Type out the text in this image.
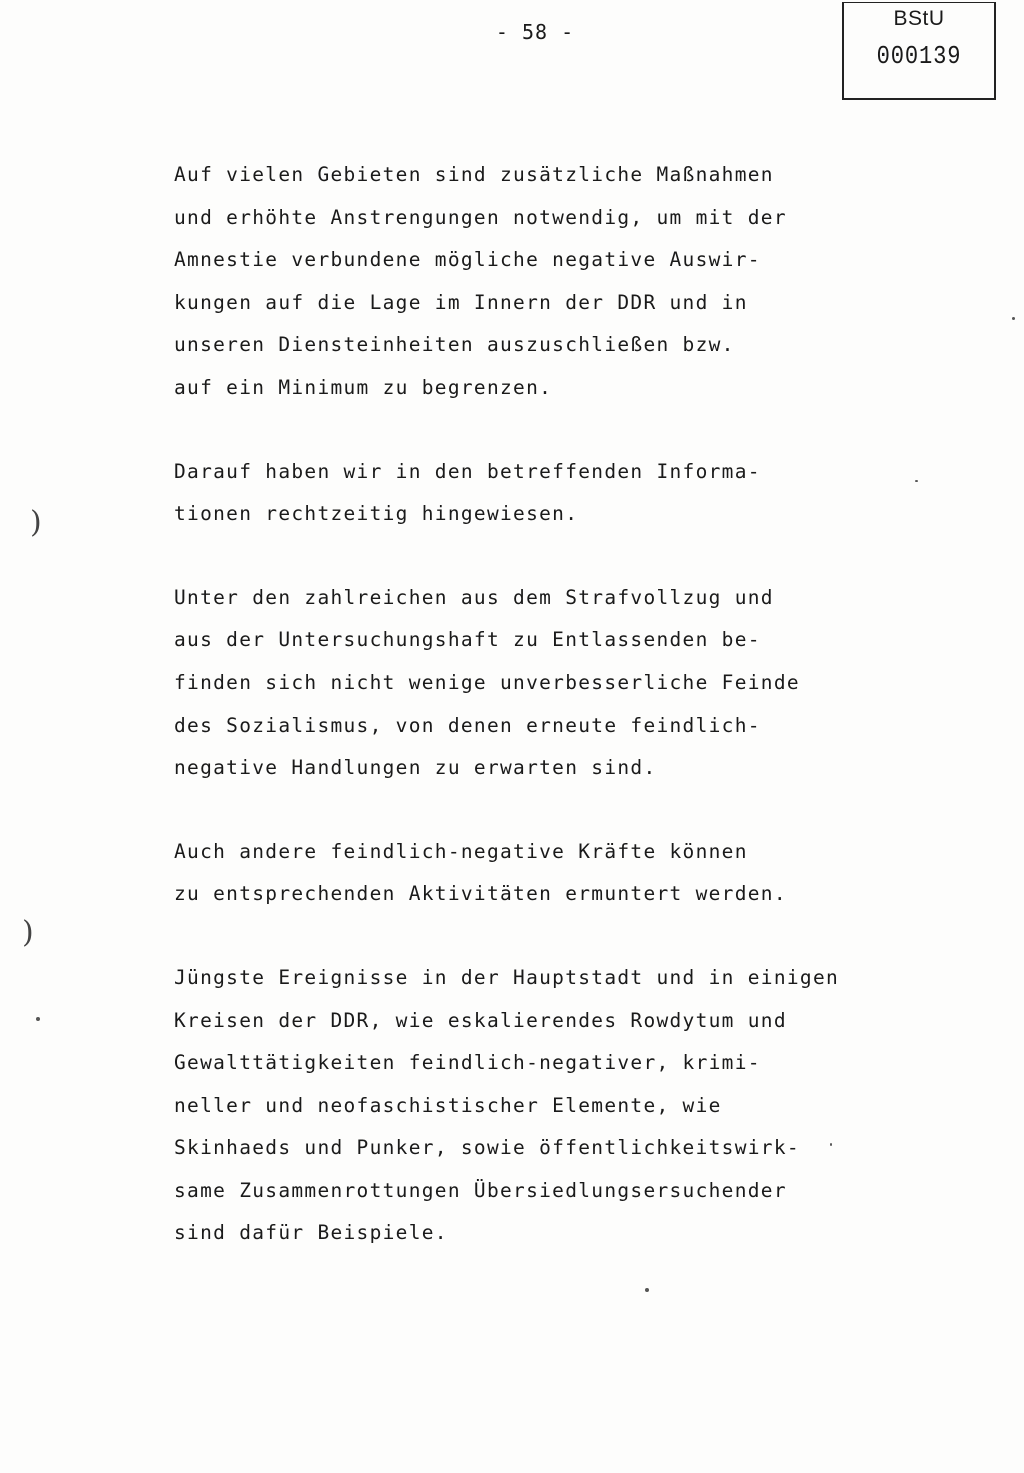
- 58 -
BStU
000139
Auf vielen Gebieten sind zusätzliche Maßnahmen
und erhöhte Anstrengungen notwendig, um mit der
Amnestie verbundene mögliche negative Auswir-
kungen auf die Lage im Innern der DDR und in
unseren Diensteinheiten auszuschließen bzw.
auf ein Minimum zu begrenzen.
Darauf haben wir in den betreffenden Informa-
tionen rechtzeitig hingewiesen.
Unter den zahlreichen aus dem Strafvollzug und
aus der Untersuchungshaft zu Entlassenden be-
finden sich nicht wenige unverbesserliche Feinde
des Sozialismus, von denen erneute feindlich-
negative Handlungen zu erwarten sind.
Auch andere feindlich-negative Kräfte können
zu entsprechenden Aktivitäten ermuntert werden.
Jüngste Ereignisse in der Hauptstadt und in einigen
Kreisen der DDR, wie eskalierendes Rowdytum und
Gewalttätigkeiten feindlich-negativer, krimi-
neller und neofaschistischer Elemente, wie
Skinhaeds und Punker, sowie öffentlichkeitswirk-
same Zusammenrottungen Übersiedlungsersuchender
sind dafür Beispiele.
)
)
